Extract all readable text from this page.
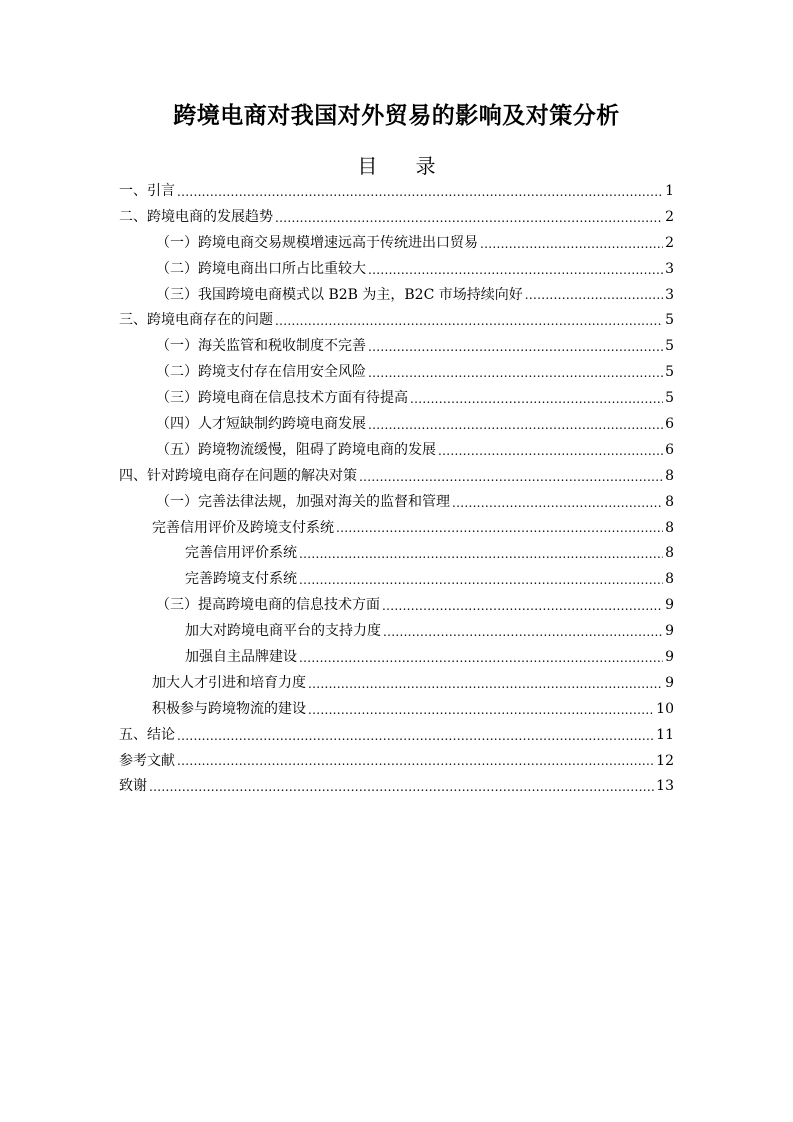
跨境电商对我国对外贸易的影响及对策分析
目 录
一、 引言 .....	1
二、 跨境电商的发展趋势 .....	2
（一） 跨境电商交易规模增速远高于传统进出口贸易 .....	2
（二） 跨境电商出口所占比重较大 .....	3
（三） 我国跨境电商模式以 B2B 为主，B2C 市场持续向好 .....	3
三、 跨境电商存在的问题 .....	5
（一） 海关监管和税收制度不完善 .....	5
（二） 跨境支付存在信用安全风险 .....	5
（三） 跨境电商在信息技术方面有待提高 .....	5
（四） 人才短缺制约跨境电商发展 .....	6
（五） 跨境物流缓慢，阻碍了跨境电商的发展 .....	6
四、 针对跨境电商存在问题的解决对策 .....	8
（一） 完善法律法规，加强对海关的监督和管理 .....	8
完善信用评价及跨境支付系统 .....	8
完善信用评价系统 .....	8
完善跨境支付系统 .....	8
（三） 提高跨境电商的信息技术方面 .....	9
加大对跨境电商平台的支持力度 .....	9
加强自主品牌建设 .....	9
加大人才引进和培育力度 .....	9
积极参与跨境物流的建设 .....	10
五、 结论 .....	11
参考文献 .....	12
致谢 .....	13
